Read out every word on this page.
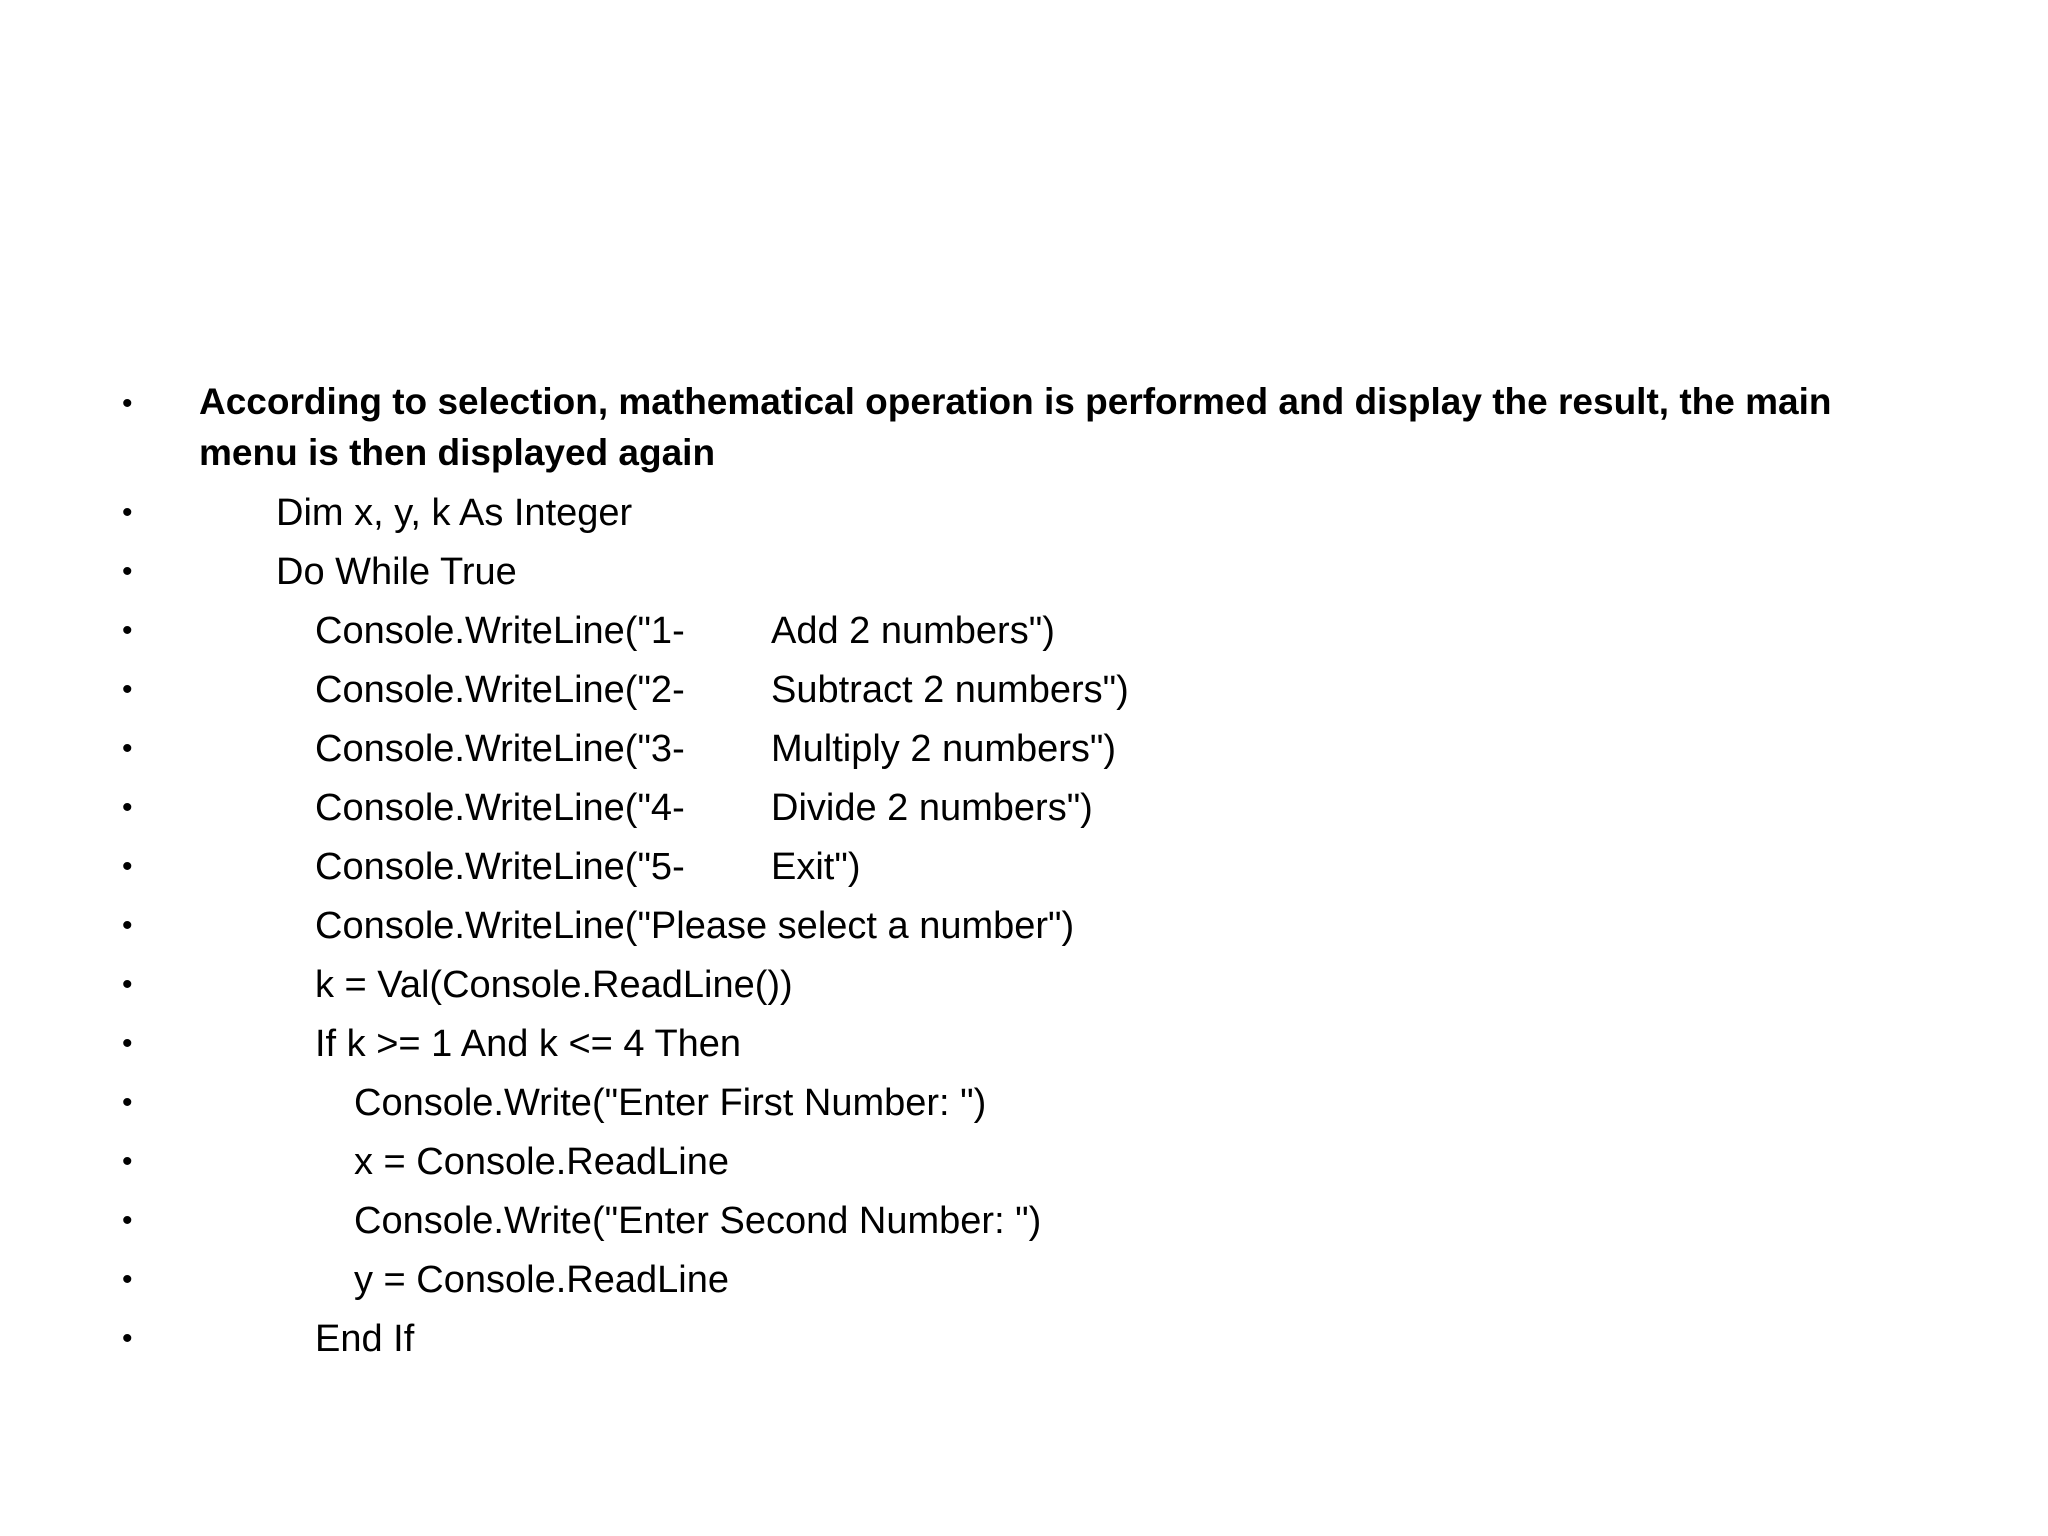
• According to selection, mathematical operation is performed and display the result, the main menu is then displayed again

•

	Dim x, y, k As Integer

•

	Do While True

•

	Console.WriteLine("1-

Add 2 numbers")

•

	Console.WriteLine("2-

Subtract 2 numbers")

•

	Console.WriteLine("3-

Multiply 2 numbers")

•

	Console.WriteLine("4-

Divide 2 numbers")

•

	Console.WriteLine("5-

Exit")

•

	Console.WriteLine("Please select a number")

•

	k = Val(Console.ReadLine())

•

	If k >= 1 And k <= 4 Then

•

	Console.Write("Enter First Number: ")

•

	x = Console.ReadLine

•

	Console.Write("Enter Second Number: ")

•

	y = Console.ReadLine

•

	End If
